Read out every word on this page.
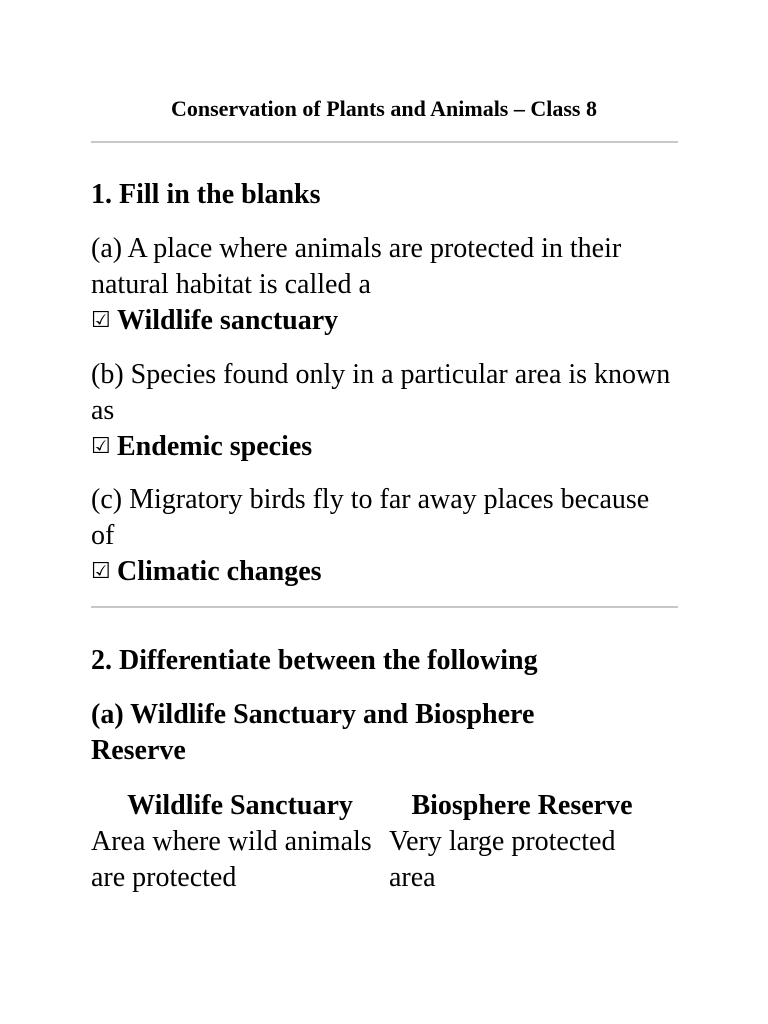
Conservation of Plants and Animals – Class 8
1. Fill in the blanks

(a) A place where animals are protected in their natural habitat is called a
☑ Wildlife sanctuary

(b) Species found only in a particular area is known as
☑ Endemic species

(c) Migratory birds fly to far away places because of
☑ Climatic changes

2. Differentiate between the following
(a) Wildlife Sanctuary and Biosphere Reserve
Wildlife Sanctuary	Biosphere Reserve
Area where wild animals are protected	Very large protected area
